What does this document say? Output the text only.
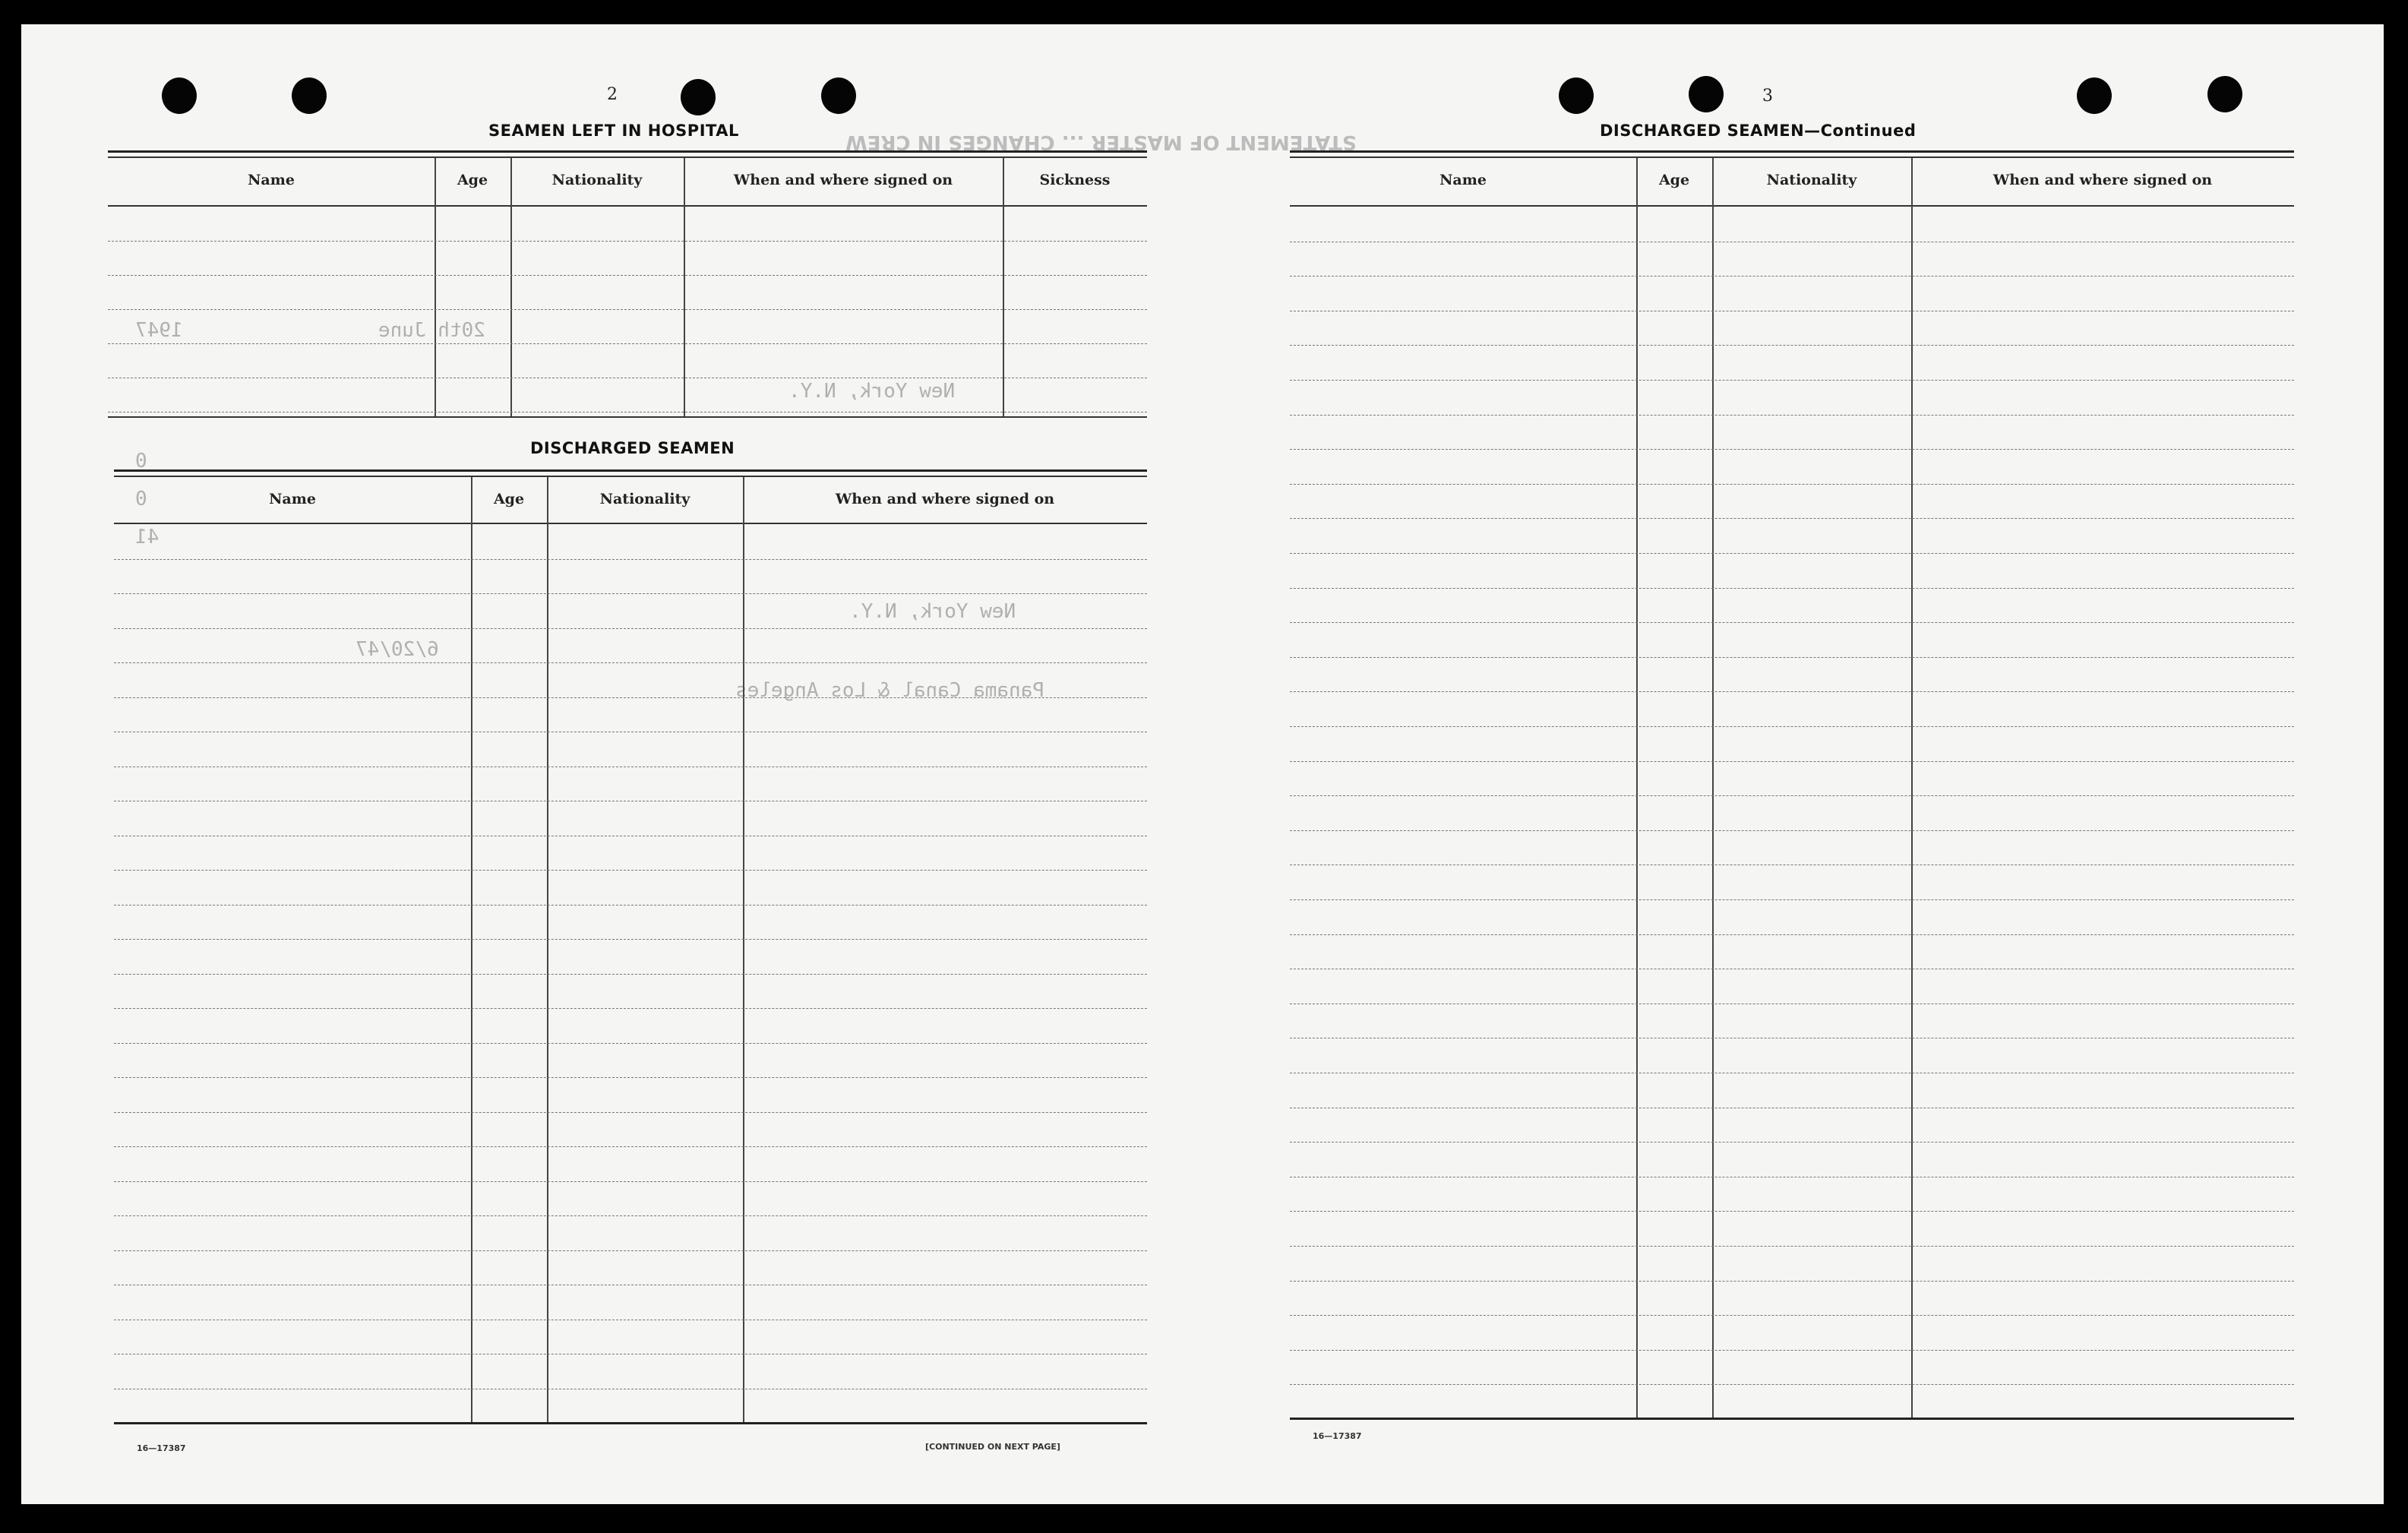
STATEMENT OF MASTER ... CHANGES IN CREW
1947	20th June
New York, N.Y.
New York, N.Y.
6/20/47
Panama Canal & Los Angeles
0
0
41
2
SEAMEN LEFT IN HOSPITAL
Name	Age	Nationality	When and where signed on	Sickness
DISCHARGED SEAMEN
Name	Age	Nationality	When and where signed on
16—17387	[CONTINUED ON NEXT PAGE]
3
DISCHARGED SEAMEN—Continued
Name	Age	Nationality	When and where signed on
16—17387
